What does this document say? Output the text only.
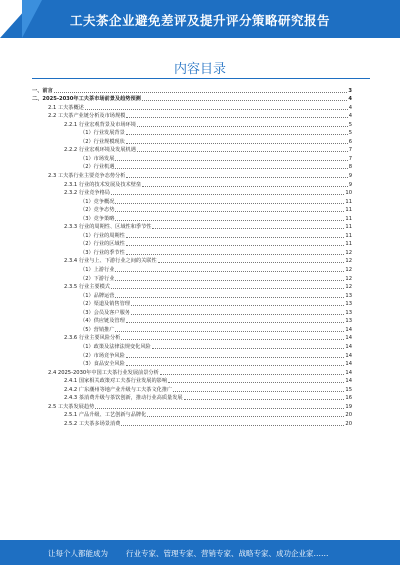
工夫茶企业避免差评及提升评分策略研究报告
内容目录
一、前言	3
二、2025-2030年工夫茶市场前景及趋势预测	4
2.1 工夫茶概述	4
2.2 工夫茶产业链分析及市场规模	4
2.2.1 行业宏观背景及市场环境	5
（1）行业发展背景	5
（2）行业规模现状	6
2.2.2 行业宏观环境及发展机遇	7
（1）市场发展	7
（2）行业机遇	8
2.3 工夫茶行业主要竞争态势分析	9
2.3.1 行业的技术发展及技术壁垒	9
2.3.2 行业竞争格局	10
（1）竞争概况	11
（2）竞争态势	11
（3）竞争策略	11
2.3.3 行业的周期性、区域性和季节性	11
（1）行业的周期性	11
（2）行业的区域性	11
（3）行业的季节性	12
2.3.4 行业与上、下游行业之间的关联性	12
（1）上游行业	12
（2）下游行业	12
2.3.5 行业主要模式	12
（1）品牌运营	13
（2）渠道及销售管理	13
（3）会员及客户服务	13
（4）供应链及管理	13
（5）营销推广	14
2.3.6 行业主要风险分析	14
（1）政策及法律法规变化风险	14
（2）市场竞争风险	14
（3）食品安全风险	14
2.4 2025-2030年中国工夫茶行业发展前景分析	14
2.4.1 国家相关政策对工夫茶行业发展的影响	14
2.4.2 广东潮州等地产业升级与工夫茶文化推广	15
2.4.3 茶消费升级与茶饮创新，推动行业高质量发展	16
2.5 工夫茶发展趋势	19
2.5.1 产品升级、工艺创新与品牌化	20
2.5.2 工夫茶多场景消费	20
让每个人都能成为 行业专家、管理专家、营销专家、战略专家、成功企业家……
